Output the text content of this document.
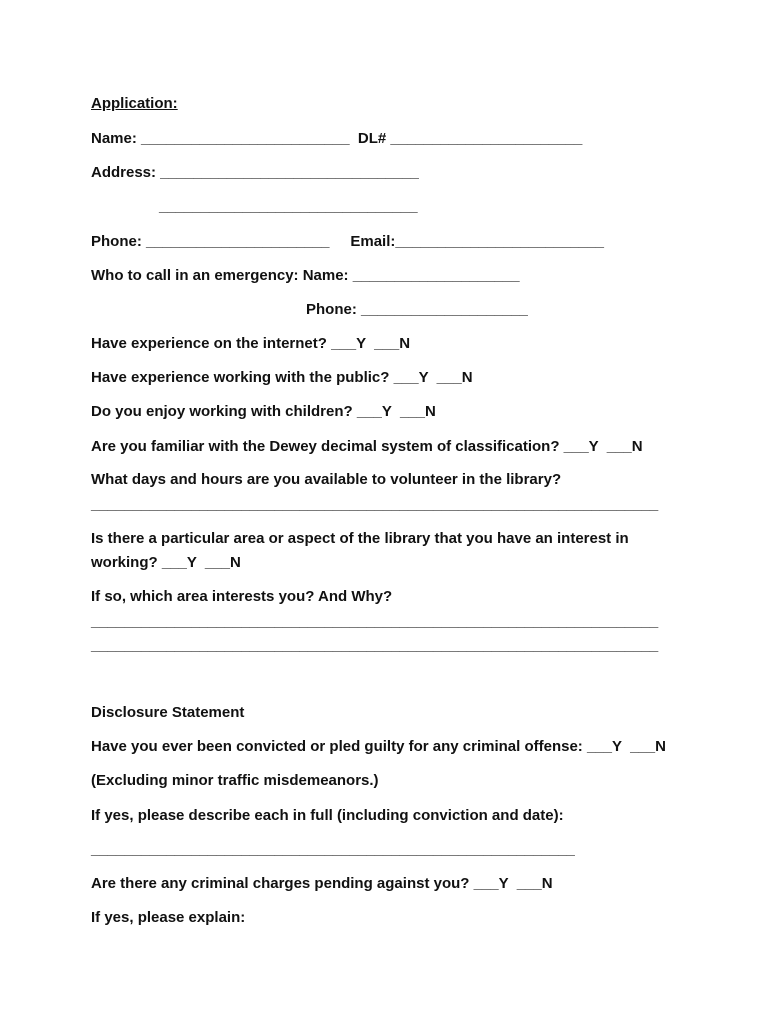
Application:
Name: _________________________  DL# _______________________
Address: _______________________________
_______________________________
Phone: ______________________     Email:_________________________
Who to call in an emergency: Name: ____________________
Phone: ____________________
Have experience on the internet? ___Y  ___N
Have experience working with the public? ___Y  ___N
Do you enjoy working with children? ___Y  ___N
Are you familiar with the Dewey decimal system of classification? ___Y  ___N
What days and hours are you available to volunteer in the library?
____________________________________________________________________
Is there a particular area or aspect of the library that you have an interest in
working? ___Y  ___N
If so, which area interests you? And Why?
____________________________________________________________________
____________________________________________________________________
Disclosure Statement
Have you ever been convicted or pled guilty for any criminal offense: ___Y  ___N
(Excluding minor traffic misdemeanors.)
If yes, please describe each in full (including conviction and date):
__________________________________________________________
Are there any criminal charges pending against you? ___Y  ___N
If yes, please explain:
